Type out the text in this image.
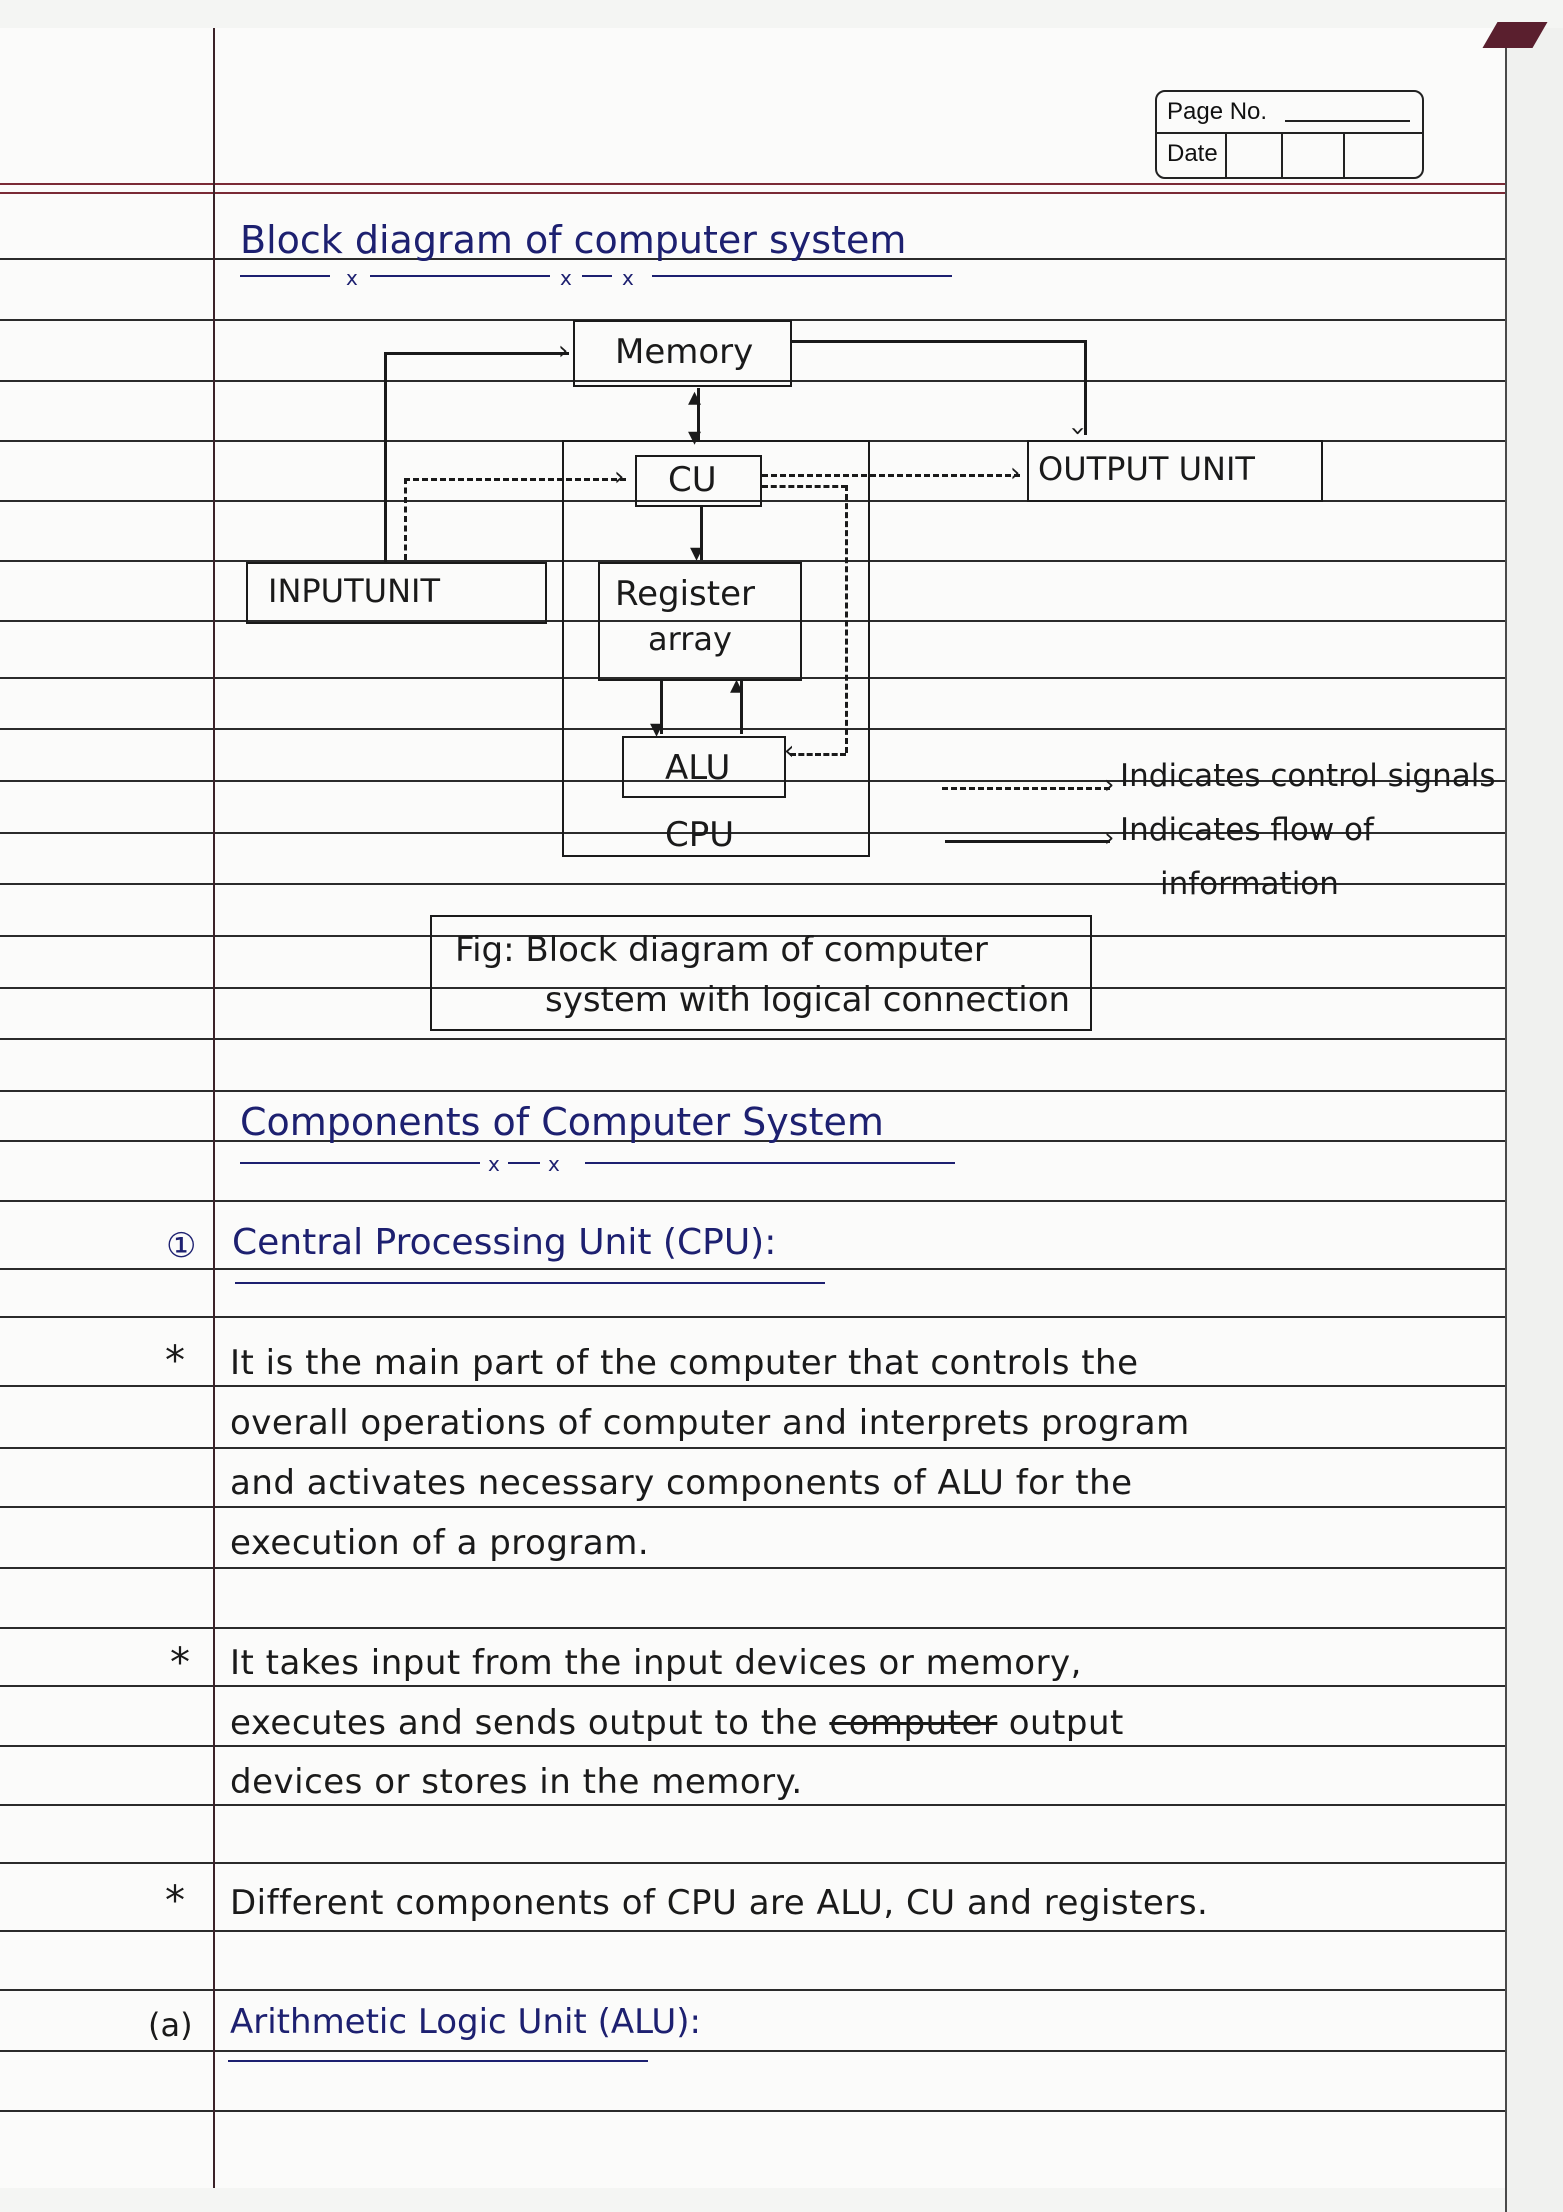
Page No.
Date
Block diagram of computer system
x	x	x
Memory
›
›
▴
▾
CPU
CU
›	›
‹
▾
INPUTUNIT	Register
array
▾
▴
ALU
OUTPUT UNIT
› Indicates control signals
› Indicates flow of
information
Fig: Block diagram of computer
system with logical connection
Components of Computer System
x x
① Central Processing Unit (CPU):
* It is the main part of the computer that controls the
overall operations of computer and interprets program
and activates necessary components of ALU for the
execution of a program.
* It takes input from the input devices or memory,
executes and sends output to the computer output
devices or stores in the memory.
* Different components of CPU are ALU, CU and registers.
(a) Arithmetic Logic Unit (ALU):
